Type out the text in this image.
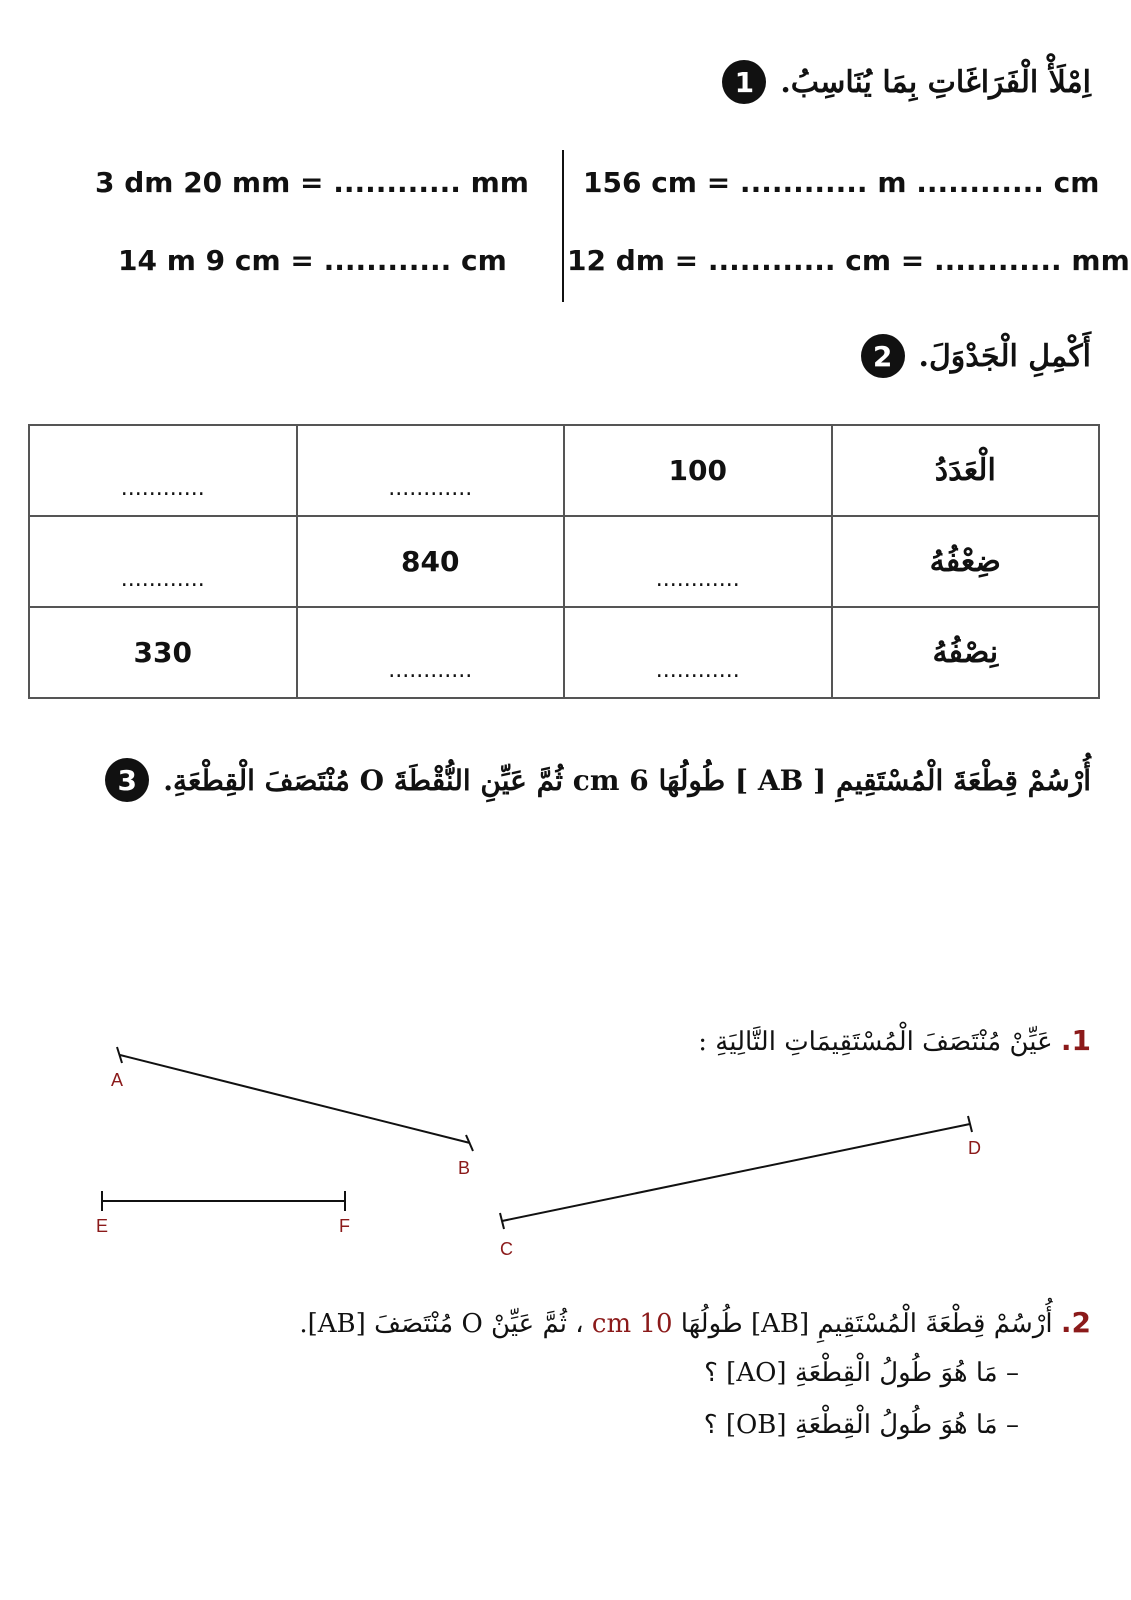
1 اِمْلَأْ الْفَرَاغَاتِ بِمَا يُنَاسِبُ.
156 cm = ............ m ............ cm
12 dm = ............ cm = ............ mm
3 dm 20 mm = ............ mm
14 m 9 cm = ............ cm
2 أَكْمِلِ الْجَدْوَلَ.
............	............	100	الْعَدَدُ
............	840	............	ضِعْفُهُ
330	............	............	نِصْفُهُ
3 أُرْسُمْ قِطْعَةَ الْمُسْتَقِيمِ [ AB ] طُولُهَا 6 cm ثُمَّ عَيِّنِ النُّقْطَةَ O مُنْتَصَفَ الْقِطْعَةِ.
1. عَيِّنْ مُنْتَصَفَ الْمُسْتَقِيمَاتِ التَّالِيَةِ :
A
B
D
E	F
C
2. أُرْسُمْ قِطْعَةَ الْمُسْتَقِيمِ [AB] طُولُهَا 10 cm ، ثُمَّ عَيِّنْ O مُنْتَصَفَ [AB].
– مَا هُوَ طُولُ الْقِطْعَةِ [AO] ؟
– مَا هُوَ طُولُ الْقِطْعَةِ [OB] ؟
